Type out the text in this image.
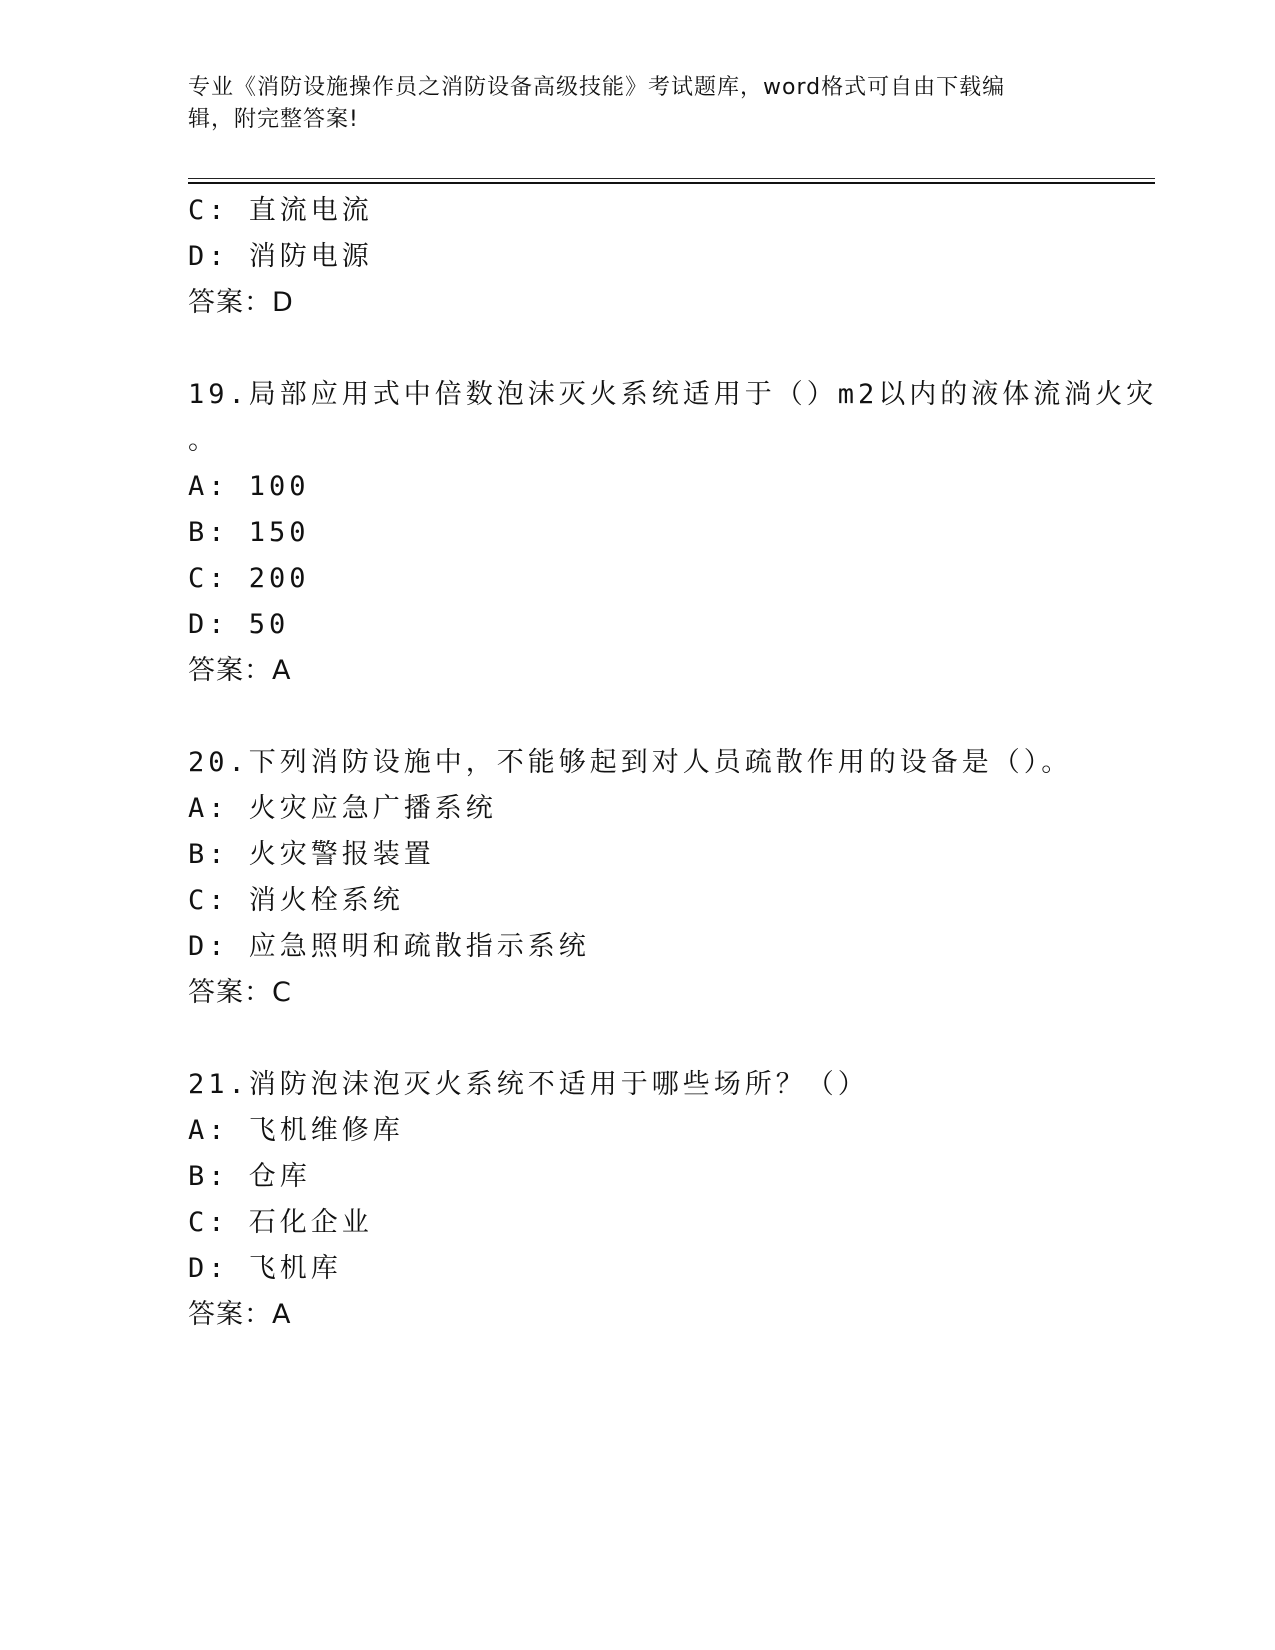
专业《消防设施操作员之消防设备高级技能》考试题库，word格式可自由下载编
辑，附完整答案!
C: 直流电流
D: 消防电源
答案：D
19.局部应用式中倍数泡沫灭火系统适用于（）m2以内的液体流淌火灾
。
A: 100
B: 150
C: 200
D: 50
答案：A
20.下列消防设施中，不能够起到对人员疏散作用的设备是（）。
A: 火灾应急广播系统
B: 火灾警报装置
C: 消火栓系统
D: 应急照明和疏散指示系统
答案：C
21.消防泡沫泡灭火系统不适用于哪些场所？（）
A: 飞机维修库
B: 仓库
C: 石化企业
D: 飞机库
答案：A
